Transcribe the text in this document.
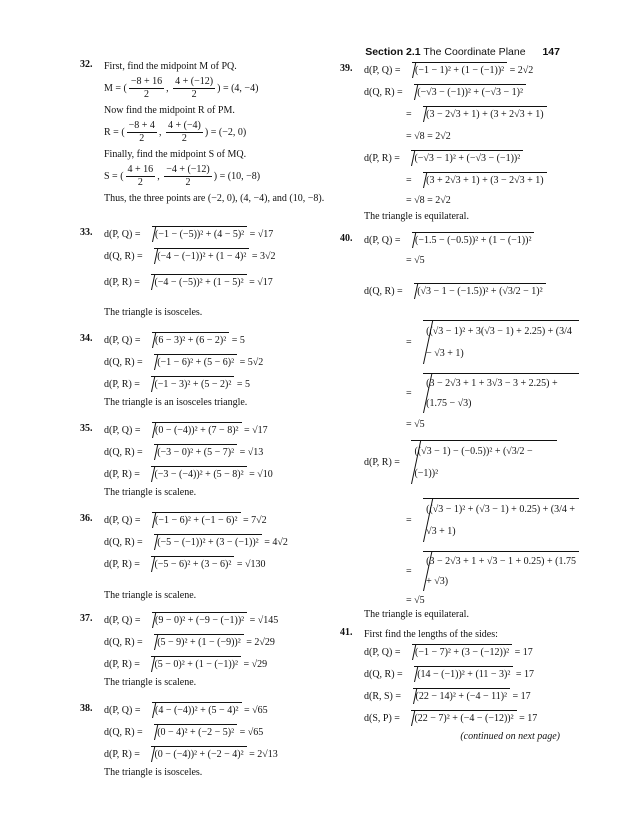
Section 2.1 The Coordinate Plane 147
32.	First, find the midpoint M of PQ.
M = ( $\frac{-8 + 16}{2}$ , $\frac{4 + (-12)}{2}$ ) = (4, −4)
Now find the midpoint R of PM.
R = ( $\frac{-8 + 4}{2}$ , $\frac{4 + (-4)}{2}$ ) = (−2, 0)
Finally, find the midpoint S of MQ.
S = ( $\frac{4 + 16}{2}$ , $\frac{-4 + (-12)}{2}$ ) = (10, −8)
Thus, the three points are (−2, 0), (4, −4), and (10, −8).
33.	d(P, Q) = (−1 − (−5))² + (4 − 5)² = √17
d(Q, R) = (−4 − (−1))² + (1 − 4)² = 3√2
d(P, R) = (−4 − (−5))² + (1 − 5)² = √17
The triangle is isosceles.
34.	d(P, Q) = (6 − 3)² + (6 − 2)² = 5
d(Q, R) = (−1 − 6)² + (5 − 6)² = 5√2
d(P, R) = (−1 − 3)² + (5 − 2)² = 5
The triangle is an isosceles triangle.
35.	d(P, Q) = (0 − (−4))² + (7 − 8)² = √17
d(Q, R) = (−3 − 0)² + (5 − 7)² = √13
d(P, R) = (−3 − (−4))² + (5 − 8)² = √10
The triangle is scalene.
36.	d(P, Q) = (−1 − 6)² + (−1 − 6)² = 7√2
d(Q, R) = (−5 − (−1))² + (3 − (−1))² = 4√2
d(P, R) = (−5 − 6)² + (3 − 6)² = √130
The triangle is scalene.
37.	d(P, Q) = (9 − 0)² + (−9 − (−1))² = √145
d(Q, R) = (5 − 9)² + (1 − (−9))² = 2√29
d(P, R) = (5 − 0)² + (1 − (−1))² = √29
The triangle is scalene.
38.	d(P, Q) = (4 − (−4))² + (5 − 4)² = √65
d(Q, R) = (0 − 4)² + (−2 − 5)² = √65
d(P, R) = (0 − (−4))² + (−2 − 4)² = 2√13
The triangle is isosceles.
39.	d(P, Q) = (−1 − 1)² + (1 − (−1))² = 2√2
d(Q, R) = (−√3 − (−1))² + (−√3 − 1)²
= (3 − 2√3 + 1) + (3 + 2√3 + 1)
= √8 = 2√2
d(P, R) = (−√3 − 1)² + (−√3 − (−1))²
= (3 + 2√3 + 1) + (3 − 2√3 + 1)
= √8 = 2√2
The triangle is equilateral.
40.	d(P, Q) = (−1.5 − (−0.5))² + (1 − (−1))²
= √5
d(Q, R) = (√3 − 1 − (−1.5))² + (√3/2 − 1)²
= ((√3 − 1)² + 3(√3 − 1) + 2.25) + (3/4 − √3 + 1)
= (3 − 2√3 + 1 + 3√3 − 3 + 2.25) + (1.75 − √3)
= √5
d(P, R) = ((√3 − 1) − (−0.5))² + (√3/2 − (−1))²
= ((√3 − 1)² + (√3 − 1) + 0.25) + (3/4 + √3 + 1)
= (3 − 2√3 + 1 + √3 − 1 + 0.25) + (1.75 + √3)
= √5
The triangle is equilateral.
41.	First find the lengths of the sides:
d(P, Q) = (−1 − 7)² + (3 − (−12))² = 17
d(Q, R) = (14 − (−1))² + (11 − 3)² = 17
d(R, S) = (22 − 14)² + (−4 − 11)² = 17
d(S, P) = (22 − 7)² + (−4 − (−12))² = 17
(continued on next page)
